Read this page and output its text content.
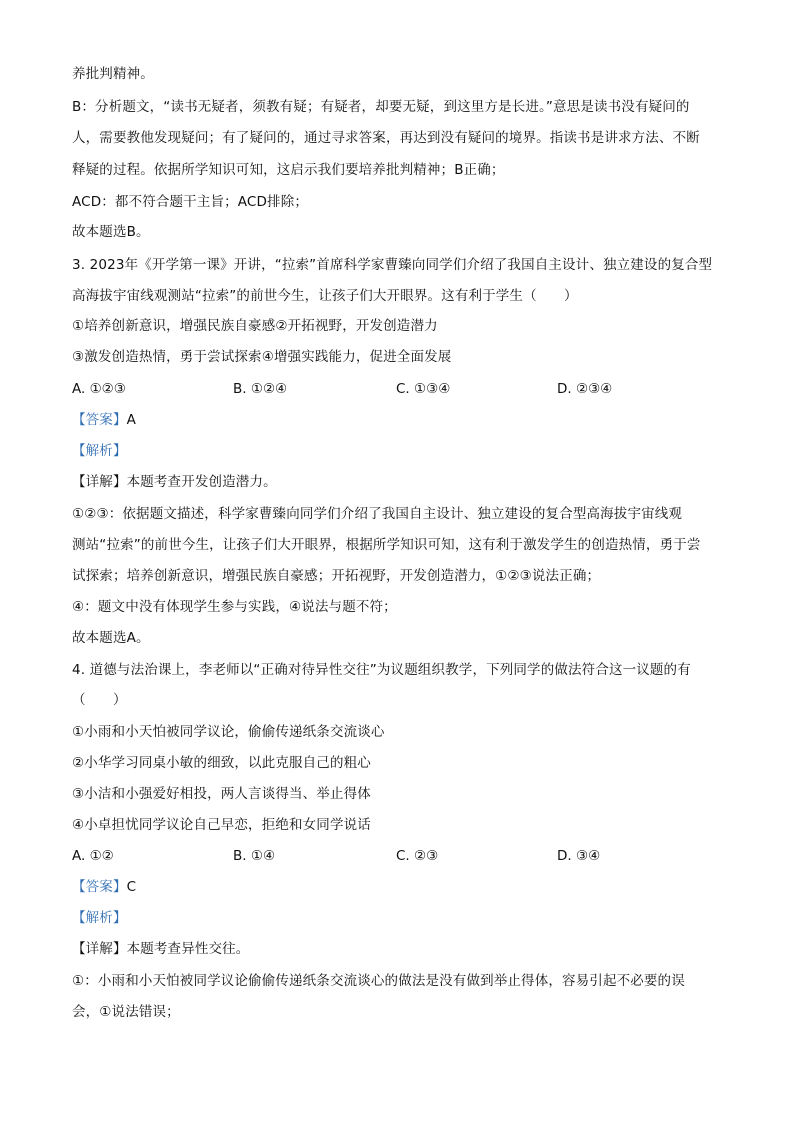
养批判精神。
B：分析题文，“读书无疑者，须教有疑；有疑者，却要无疑，到这里方是长进。”意思是读书没有疑问的
人，需要教他发现疑问；有了疑问的，通过寻求答案，再达到没有疑问的境界。指读书是讲求方法、不断
释疑的过程。依据所学知识可知，这启示我们要培养批判精神；B正确；
ACD：都不符合题干主旨；ACD排除；
故本题选B。
3. 2023年《开学第一课》开讲，“拉索”首席科学家曹臻向同学们介绍了我国自主设计、独立建设的复合型
高海拔宇宙线观测站“拉索”的前世今生，让孩子们大开眼界。这有利于学生（　　）
①培养创新意识，增强民族自豪感②开拓视野，开发创造潜力
③激发创造热情，勇于尝试探索④增强实践能力，促进全面发展
A. ①②③	B. ①②④	C. ①③④	D. ②③④
【答案】A
【解析】
【详解】本题考查开发创造潜力。
①②③：依据题文描述，科学家曹臻向同学们介绍了我国自主设计、独立建设的复合型高海拔宇宙线观
测站“拉索”的前世今生，让孩子们大开眼界，根据所学知识可知，这有利于激发学生的创造热情，勇于尝
试探索；培养创新意识，增强民族自豪感；开拓视野，开发创造潜力，①②③说法正确；
④：题文中没有体现学生参与实践，④说法与题不符；
故本题选A。
4. 道德与法治课上，李老师以“正确对待异性交往”为议题组织教学，下列同学的做法符合这一议题的有
（　　）
①小雨和小天怕被同学议论，偷偷传递纸条交流谈心
②小华学习同桌小敏的细致，以此克服自己的粗心
③小洁和小强爱好相投，两人言谈得当、举止得体
④小卓担忧同学议论自己早恋，拒绝和女同学说话
A. ①②	B. ①④	C. ②③	D. ③④
【答案】C
【解析】
【详解】本题考查异性交往。
①：小雨和小天怕被同学议论偷偷传递纸条交流谈心的做法是没有做到举止得体，容易引起不必要的误
会，①说法错误；
